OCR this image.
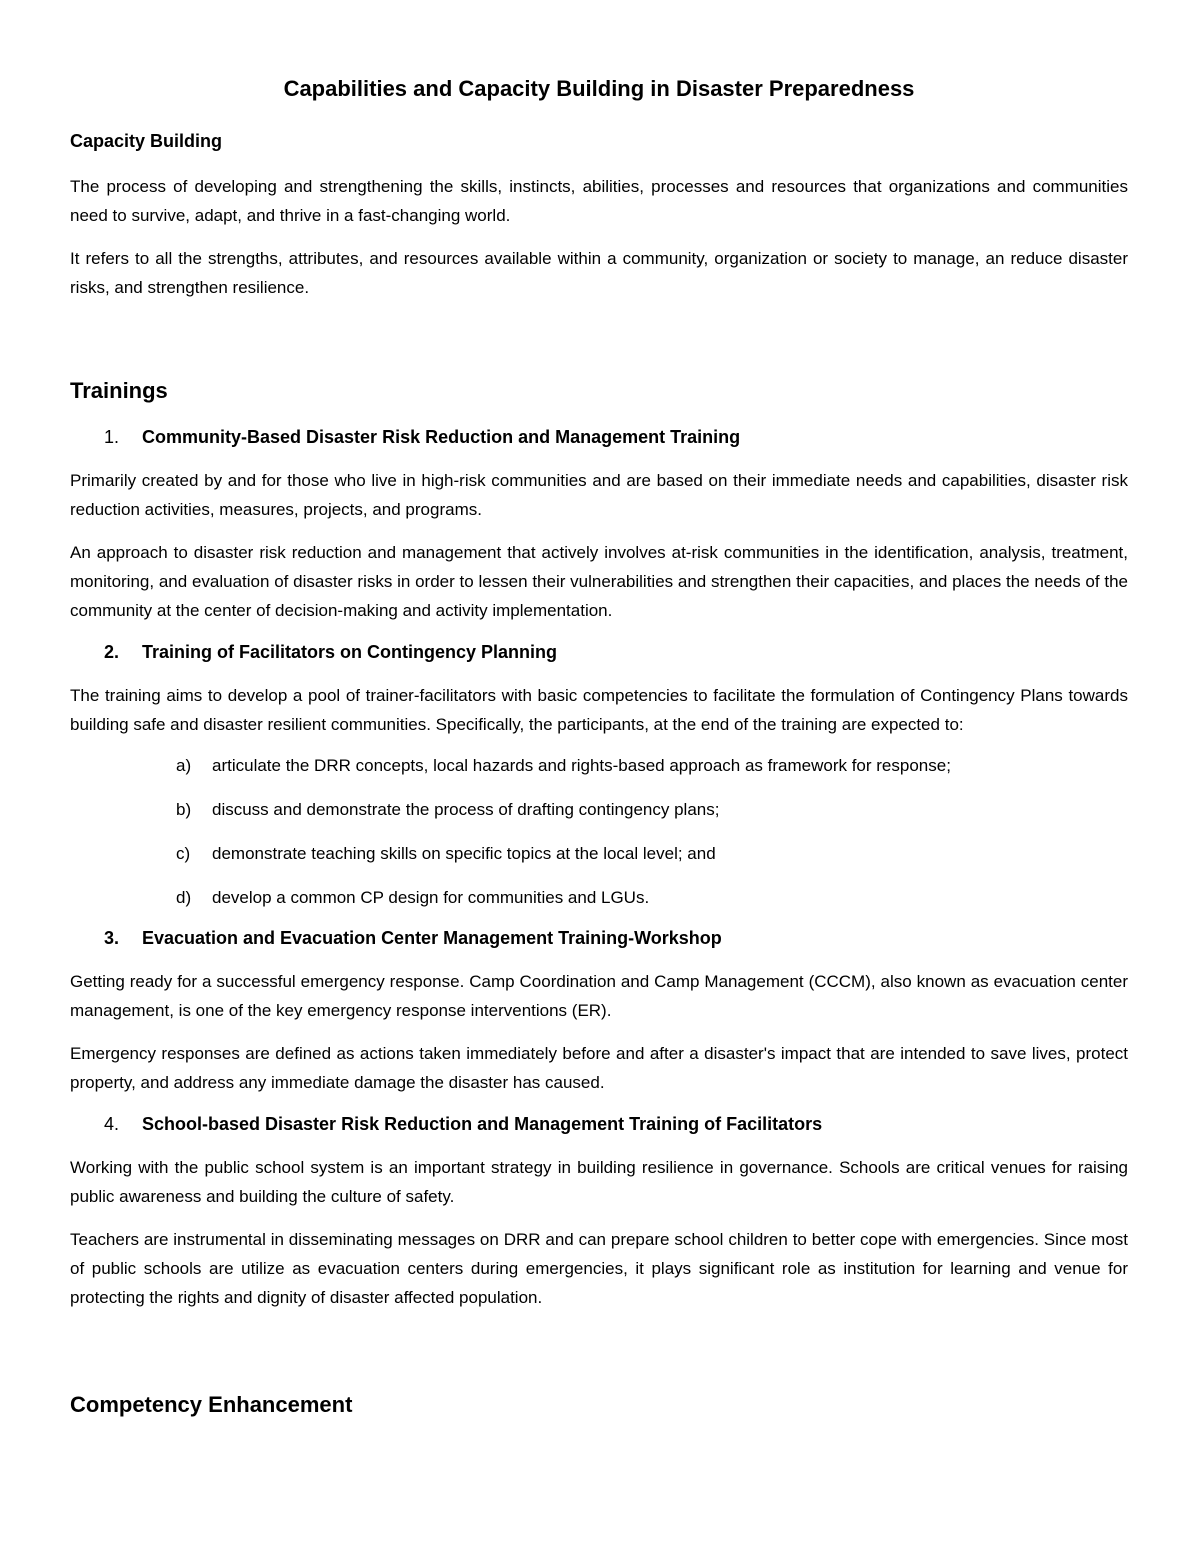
Capabilities and Capacity Building in Disaster Preparedness
Capacity Building

The process of developing and strengthening the skills, instincts, abilities, processes and resources that organizations and communities need to survive, adapt, and thrive in a fast-changing world.

It refers to all the strengths, attributes, and resources available within a community, organization or society to manage, an reduce disaster risks, and strengthen resilience.

Trainings
1.	Community-Based Disaster Risk Reduction and Management Training

Primarily created by and for those who live in high-risk communities and are based on their immediate needs and capabilities, disaster risk reduction activities, measures, projects, and programs.

An approach to disaster risk reduction and management that actively involves at-risk communities in the identification, analysis, treatment, monitoring, and evaluation of disaster risks in order to lessen their vulnerabilities and strengthen their capacities, and places the needs of the community at the center of decision-making and activity implementation.

2.	Training of Facilitators on Contingency Planning

The training aims to develop a pool of trainer-facilitators with basic competencies to facilitate the formulation of Contingency Plans towards building safe and disaster resilient communities. Specifically, the participants, at the end of the training are expected to:

a)	articulate the DRR concepts, local hazards and rights-based approach as framework for response;
b)	discuss and demonstrate the process of drafting contingency plans;
c)	demonstrate teaching skills on specific topics at the local level; and
d)	develop a common CP design for communities and LGUs.
3.	Evacuation and Evacuation Center Management Training-Workshop

Getting ready for a successful emergency response. Camp Coordination and Camp Management (CCCM), also known as evacuation center management, is one of the key emergency response interventions (ER).

Emergency responses are defined as actions taken immediately before and after a disaster's impact that are intended to save lives, protect property, and address any immediate damage the disaster has caused.

4.	School-based Disaster Risk Reduction and Management Training of Facilitators

Working with the public school system is an important strategy in building resilience in governance. Schools are critical venues for raising public awareness and building the culture of safety.

Teachers are instrumental in disseminating messages on DRR and can prepare school children to better cope with emergencies. Since most of public schools are utilize as evacuation centers during emergencies, it plays significant role as institution for learning and venue for protecting the rights and dignity of disaster affected population.

Competency Enhancement
